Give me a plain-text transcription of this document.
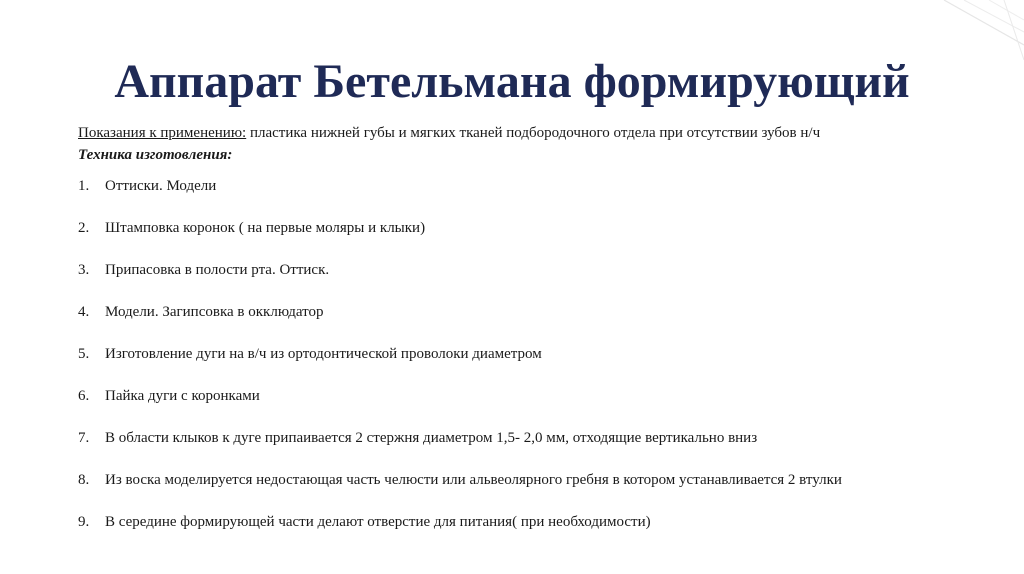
Аппарат Бетельмана формирующий

Показания к применению: пластика нижней губы и мягких тканей подбородочного отдела при отсутствии зубов н/ч

Техника изготовления:

1. Оттиски. Модели
2. Штамповка коронок ( на первые моляры и клыки)
3. Припасовка в полости рта. Оттиск.
4. Модели. Загипсовка в окклюдатор
5. Изготовление дуги на в/ч из ортодонтической проволоки диаметром
6. Пайка дуги с коронками
7. В области клыков к дуге припаивается 2 стержня диаметром 1,5- 2,0 мм, отходящие вертикально вниз
8. Из воска моделируется недостающая часть челюсти или альвеолярного гребня в котором устанавливается 2 втулки
9. В середине формирующей части делают отверстие для питания( при необходимости)
